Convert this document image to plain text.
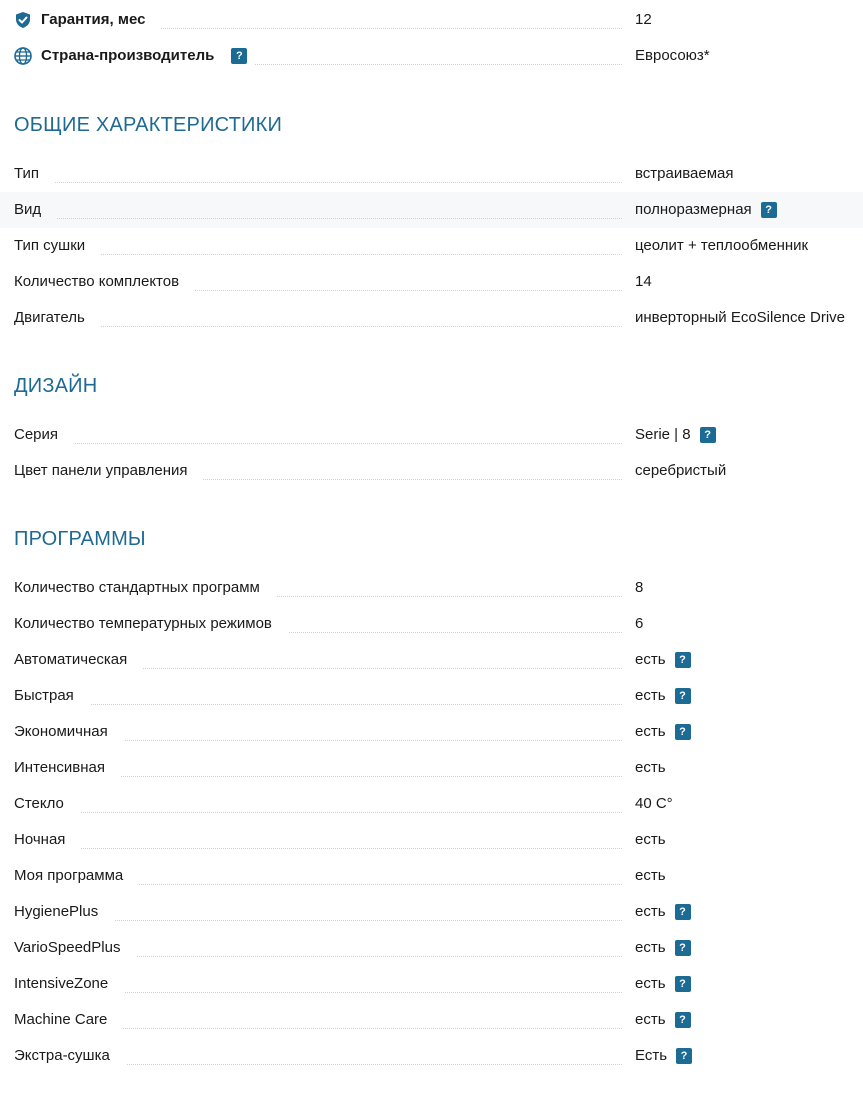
Гарантия, мес	12
Страна-производитель	?	Евросоюз*
ОБЩИЕ ХАРАКТЕРИСТИКИ
Тип	встраиваемая
Вид	полноразмерная	?
Тип сушки	цеолит + теплообменник
Количество комплектов	14
Двигатель	инверторный EcoSilence Drive
ДИЗАЙН
Серия	Serie | 8	?
Цвет панели управления	серебристый
ПРОГРАММЫ
Количество стандартных программ	8
Количество температурных режимов	6
Автоматическая	есть	?
Быстрая	есть	?
Экономичная	есть	?
Интенсивная	есть
Стекло	40 С°
Ночная	есть
Моя программа	есть
HygienePlus	есть	?
VarioSpeedPlus	есть	?
IntensiveZone	есть	?
Machine Care	есть	?
Экстра-сушка	Есть	?
